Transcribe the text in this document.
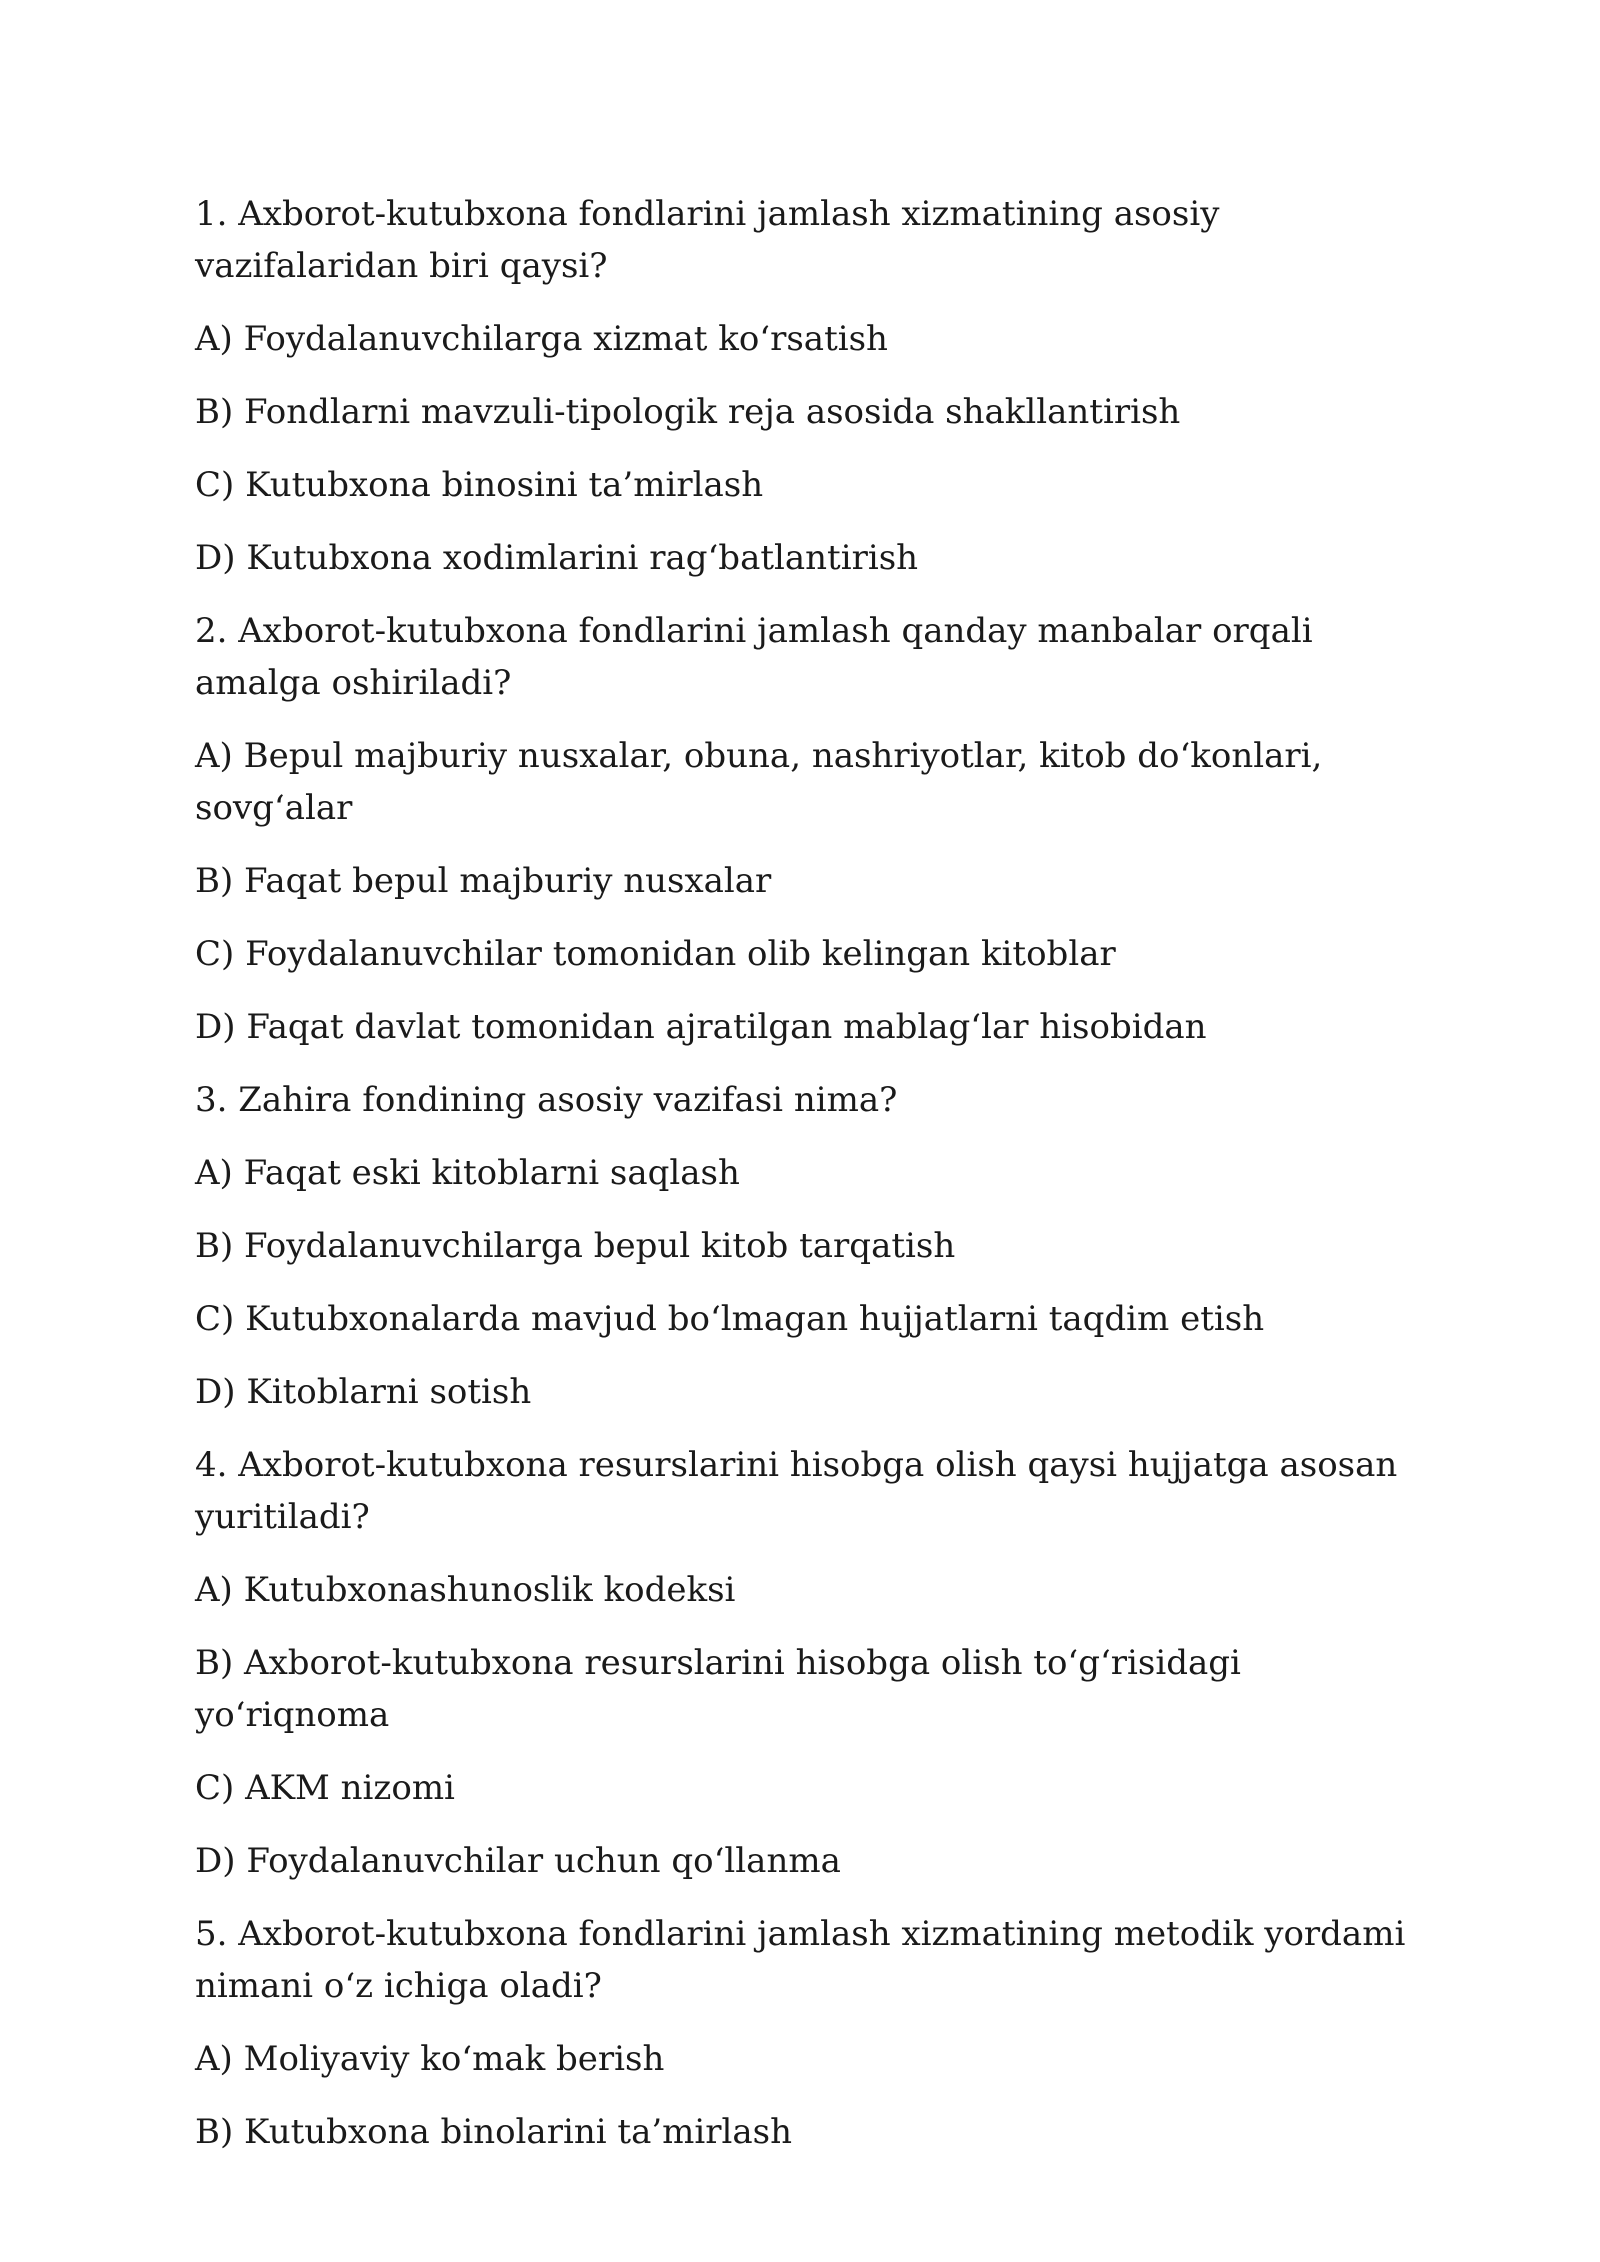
1. Axborot-kutubxona fondlarini jamlash xizmatining asosiy vazifalaridan biri qaysi?

A) Foydalanuvchilarga xizmat ko‘rsatish

B) Fondlarni mavzuli-tipologik reja asosida shakllantirish

C) Kutubxona binosini ta’mirlash

D) Kutubxona xodimlarini rag‘batlantirish

2. Axborot-kutubxona fondlarini jamlash qanday manbalar orqali amalga oshiriladi?

A) Bepul majburiy nusxalar, obuna, nashriyotlar, kitob do‘konlari, sovg‘alar

B) Faqat bepul majburiy nusxalar

C) Foydalanuvchilar tomonidan olib kelingan kitoblar

D) Faqat davlat tomonidan ajratilgan mablag‘lar hisobidan

3. Zahira fondining asosiy vazifasi nima?

A) Faqat eski kitoblarni saqlash

B) Foydalanuvchilarga bepul kitob tarqatish

C) Kutubxonalarda mavjud bo‘lmagan hujjatlarni taqdim etish

D) Kitoblarni sotish

4. Axborot-kutubxona resurslarini hisobga olish qaysi hujjatga asosan yuritiladi?

A) Kutubxonashunoslik kodeksi

B) Axborot-kutubxona resurslarini hisobga olish to‘g‘risidagi yo‘riqnoma

C) AKM nizomi

D) Foydalanuvchilar uchun qo‘llanma

5. Axborot-kutubxona fondlarini jamlash xizmatining metodik yordami nimani o‘z ichiga oladi?

A) Moliyaviy ko‘mak berish

B) Kutubxona binolarini ta’mirlash
